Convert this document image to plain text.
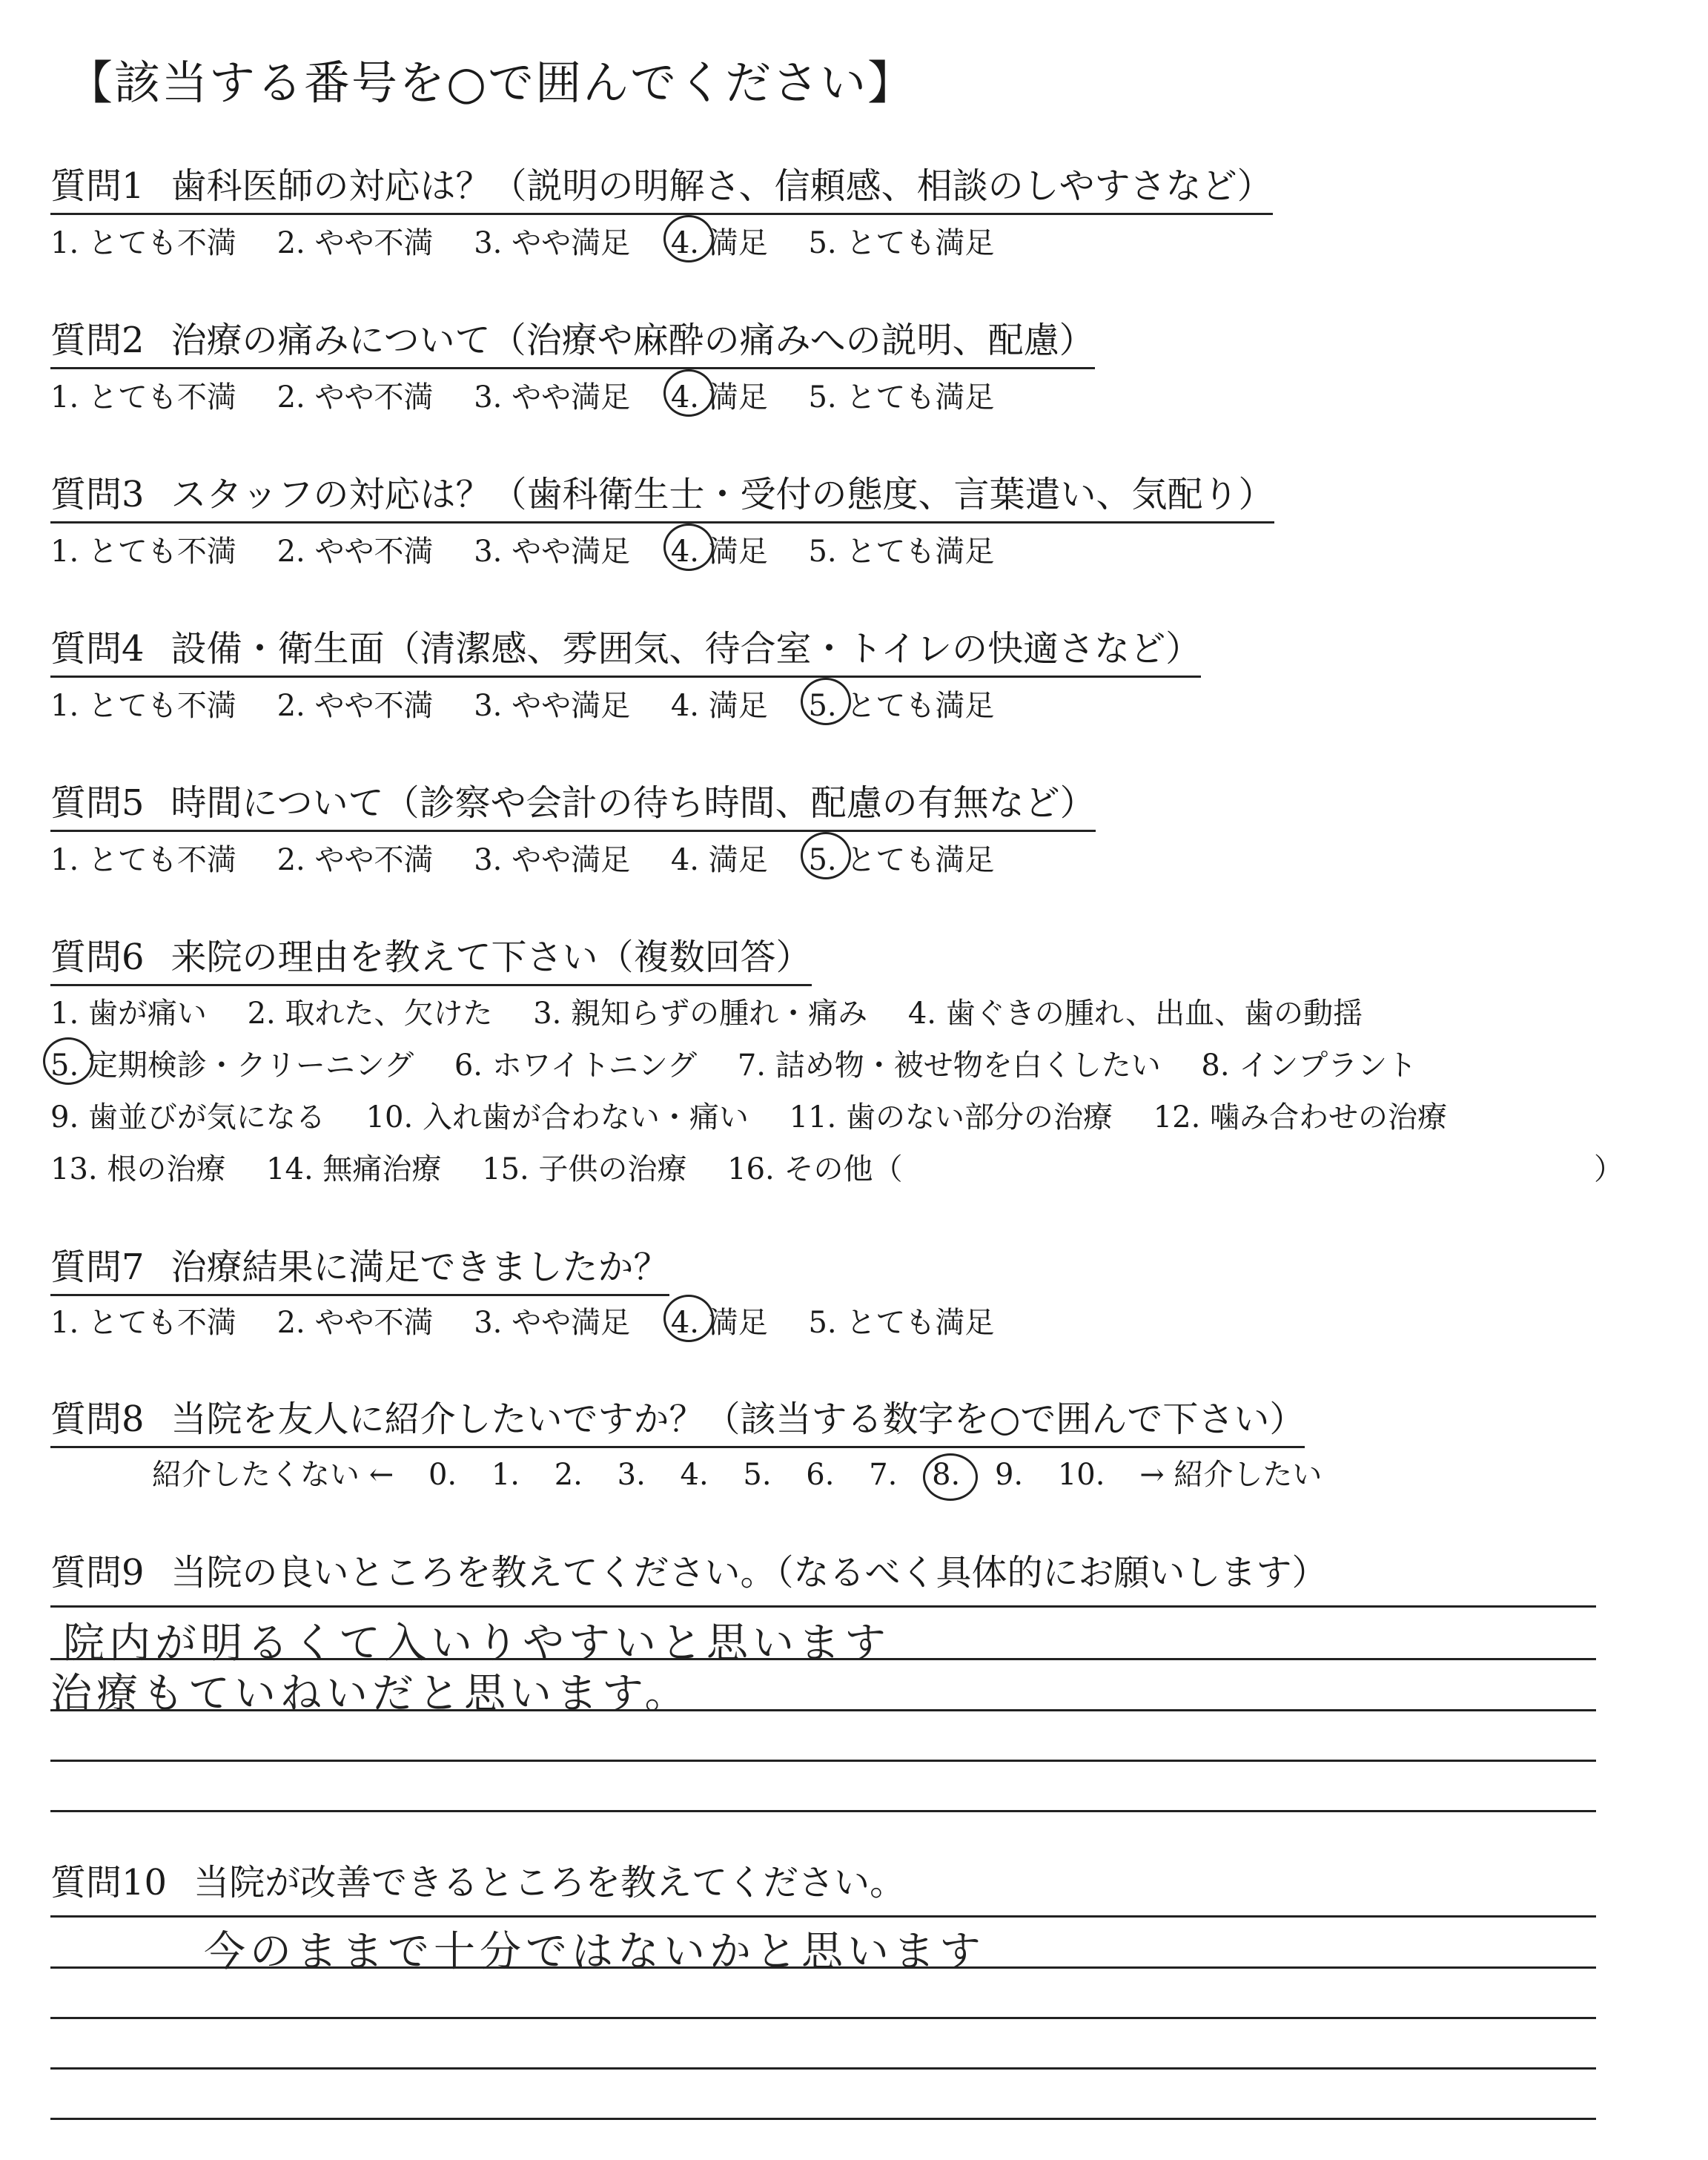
【該当する番号を○で囲んでください】
質問1 歯科医師の対応は？（説明の明解さ、信頼感、相談のしやすさなど）
1. とても不満 2. やや不満 3. やや満足 4. 満足 5. とても満足
質問2 治療の痛みについて（治療や麻酔の痛みへの説明、配慮）
1. とても不満 2. やや不満 3. やや満足 4. 満足 5. とても満足
質問3 スタッフの対応は？（歯科衛生士・受付の態度、言葉遣い、気配り）
1. とても不満 2. やや不満 3. やや満足 4. 満足 5. とても満足
質問4 設備・衛生面（清潔感、雰囲気、待合室・トイレの快適さなど）
1. とても不満 2. やや不満 3. やや満足 4. 満足 5. とても満足
質問5 時間について（診察や会計の待ち時間、配慮の有無など）
1. とても不満 2. やや不満 3. やや満足 4. 満足 5. とても満足
質問6 来院の理由を教えて下さい（複数回答）
1. 歯が痛い 2. 取れた、欠けた 3. 親知らずの腫れ・痛み 4. 歯ぐきの腫れ、出血、歯の動揺
5. 定期検診・クリーニング 6. ホワイトニング 7. 詰め物・被せ物を白くしたい 8. インプラント
9. 歯並びが気になる 10. 入れ歯が合わない・痛い 11. 歯のない部分の治療 12. 噛み合わせの治療
13. 根の治療 14. 無痛治療 15. 子供の治療 16. その他（	）
質問7 治療結果に満足できましたか？
1. とても不満 2. やや不満 3. やや満足 4. 満足 5. とても満足
質問8 当院を友人に紹介したいですか？（該当する数字を○で囲んで下さい）
紹介したくない ← 0. 1. 2. 3. 4. 5. 6. 7. 8. 9. 10. → 紹介したい
質問9 当院の良いところを教えてください。（なるべく具体的にお願いします）
院内が明るくて入いりやすいと思います
治療もていねいだと思います。
質問10 当院が改善できるところを教えてください。
今のままで十分ではないかと思います
